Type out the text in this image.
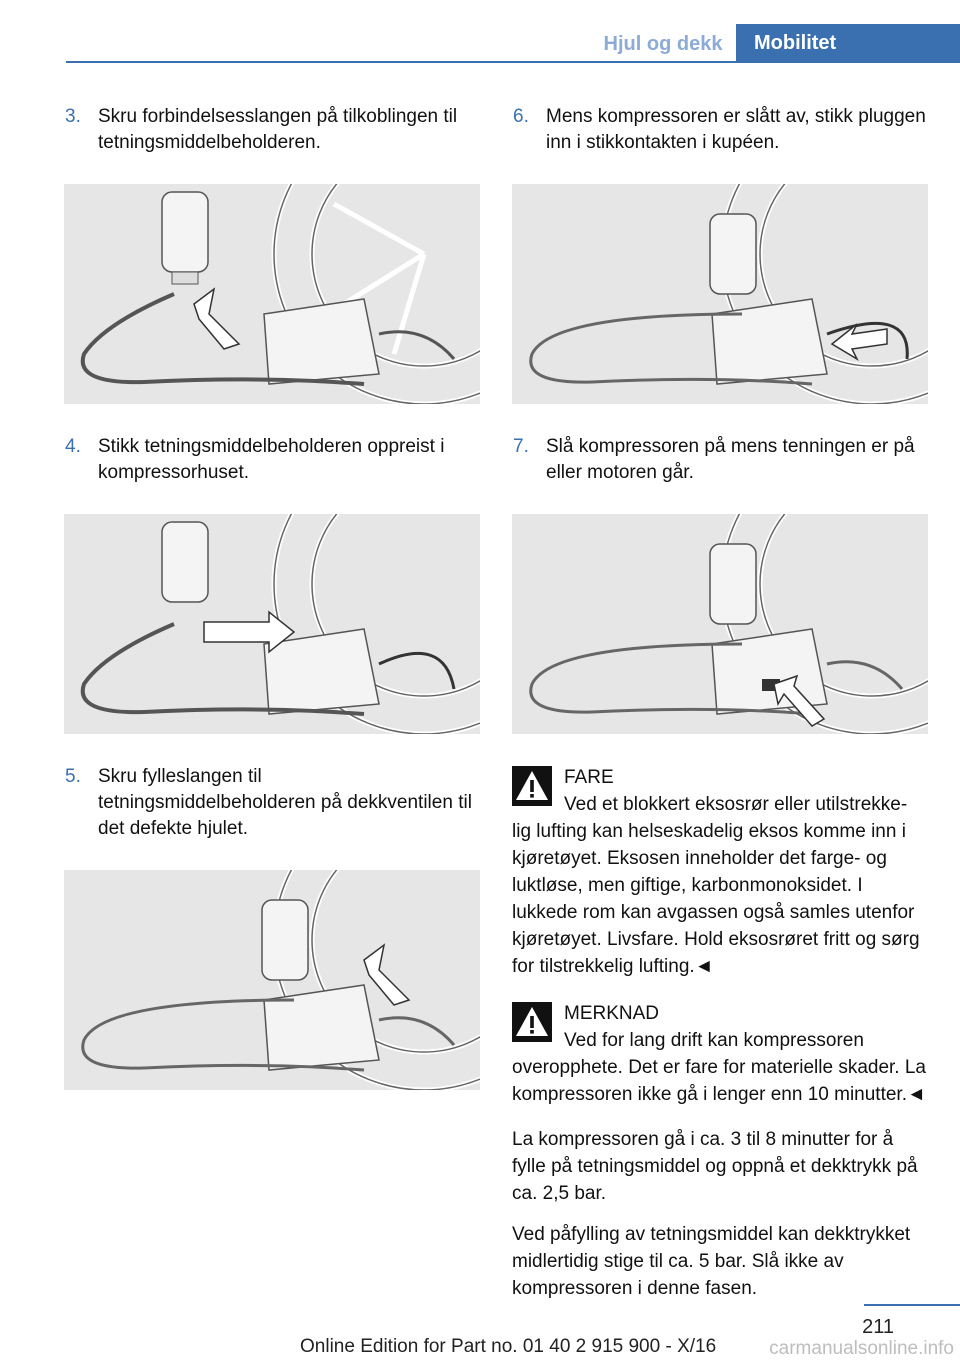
Hjul og dekk	Mobilitet

3. Skru forbindelsesslangen på tilkoblingen til tetningsmiddelbeholderen.

4. Stikk tetningsmiddelbeholderen oppreist i kompressorhuset.

5. Skru fylleslangen til tetningsmiddelbeholderen på dekkventilen til det defekte hjulet.

6. Mens kompressoren er slått av, stikk pluggen inn i stikkontakten i kupéen.

7. Slå kompressoren på mens tenningen er på eller motoren går.

FARE

Ved et blokkert eksosrør eller utilstrekke-

lig lufting kan helseskadelig eksos komme inn i kjøretøyet. Eksosen inneholder det farge- og luktløse, men giftige, karbonmonoksidet. I lukkede rom kan avgassen også samles utenfor kjøretøyet. Livsfare. Hold eksosrøret fritt og sørg for tilstrekkelig lufting.◄

MERKNAD

Ved for lang drift kan kompressoren

overopphete. Det er fare for materielle skader. La kompressoren ikke gå i lenger enn 10 minutter.◄

La kompressoren gå i ca. 3 til 8 minutter for å fylle på tetningsmiddel og oppnå et dekktrykk på ca. 2,5 bar.

Ved påfylling av tetningsmiddel kan dekktrykket midlertidig stige til ca. 5 bar. Slå ikke av kompressoren i denne fasen.

211
Online Edition for Part no. 01 40 2 915 900 - X/16	carmanualsonline.info
